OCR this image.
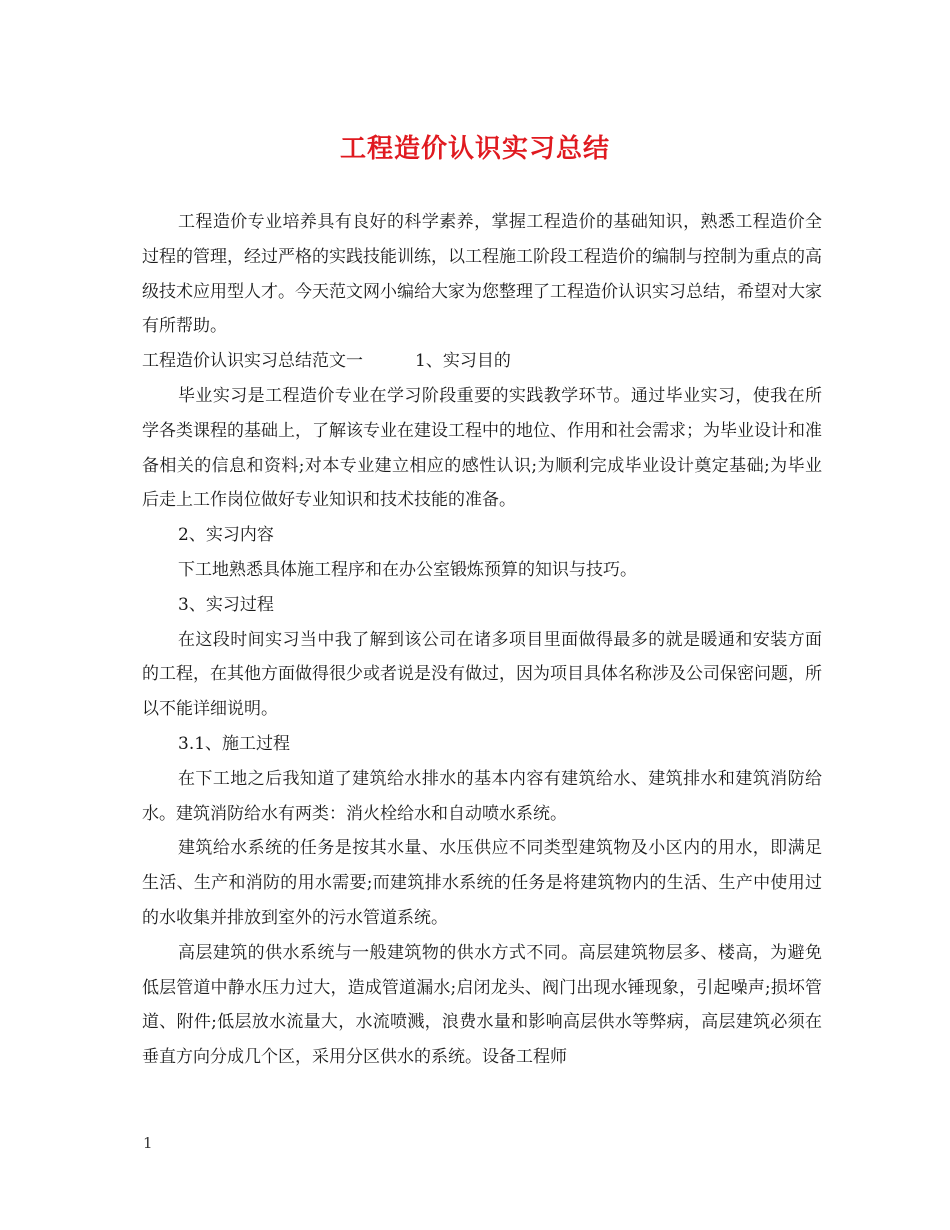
工程造价认识实习总结

工程造价专业培养具有良好的科学素养，掌握工程造价的基础知识，熟悉工程造价全过程的管理，经过严格的实践技能训练，以工程施工阶段工程造价的编制与控制为重点的高级技术应用型人才。今天范文网小编给大家为您整理了工程造价认识实习总结，希望对大家有所帮助。

工程造价认识实习总结范文一	1、实习目的

毕业实习是工程造价专业在学习阶段重要的实践教学环节。通过毕业实习，使我在所学各类课程的基础上，了解该专业在建设工程中的地位、作用和社会需求；为毕业设计和准备相关的信息和资料;对本专业建立相应的感性认识;为顺利完成毕业设计奠定基础;为毕业后走上工作岗位做好专业知识和技术技能的准备。

2、实习内容

下工地熟悉具体施工程序和在办公室锻炼预算的知识与技巧。

3、实习过程

在这段时间实习当中我了解到该公司在诸多项目里面做得最多的就是暖通和安装方面的工程，在其他方面做得很少或者说是没有做过，因为项目具体名称涉及公司保密问题，所以不能详细说明。

3.1、施工过程

在下工地之后我知道了建筑给水排水的基本内容有建筑给水、建筑排水和建筑消防给水。建筑消防给水有两类：消火栓给水和自动喷水系统。

建筑给水系统的任务是按其水量、水压供应不同类型建筑物及小区内的用水，即满足生活、生产和消防的用水需要;而建筑排水系统的任务是将建筑物内的生活、生产中使用过的水收集并排放到室外的污水管道系统。

高层建筑的供水系统与一般建筑物的供水方式不同。高层建筑物层多、楼高，为避免低层管道中静水压力过大，造成管道漏水;启闭龙头、阀门出现水锤现象，引起噪声;损坏管道、附件;低层放水流量大，水流喷溅，浪费水量和影响高层供水等弊病，高层建筑必须在垂直方向分成几个区，采用分区供水的系统。设备工程师

1
